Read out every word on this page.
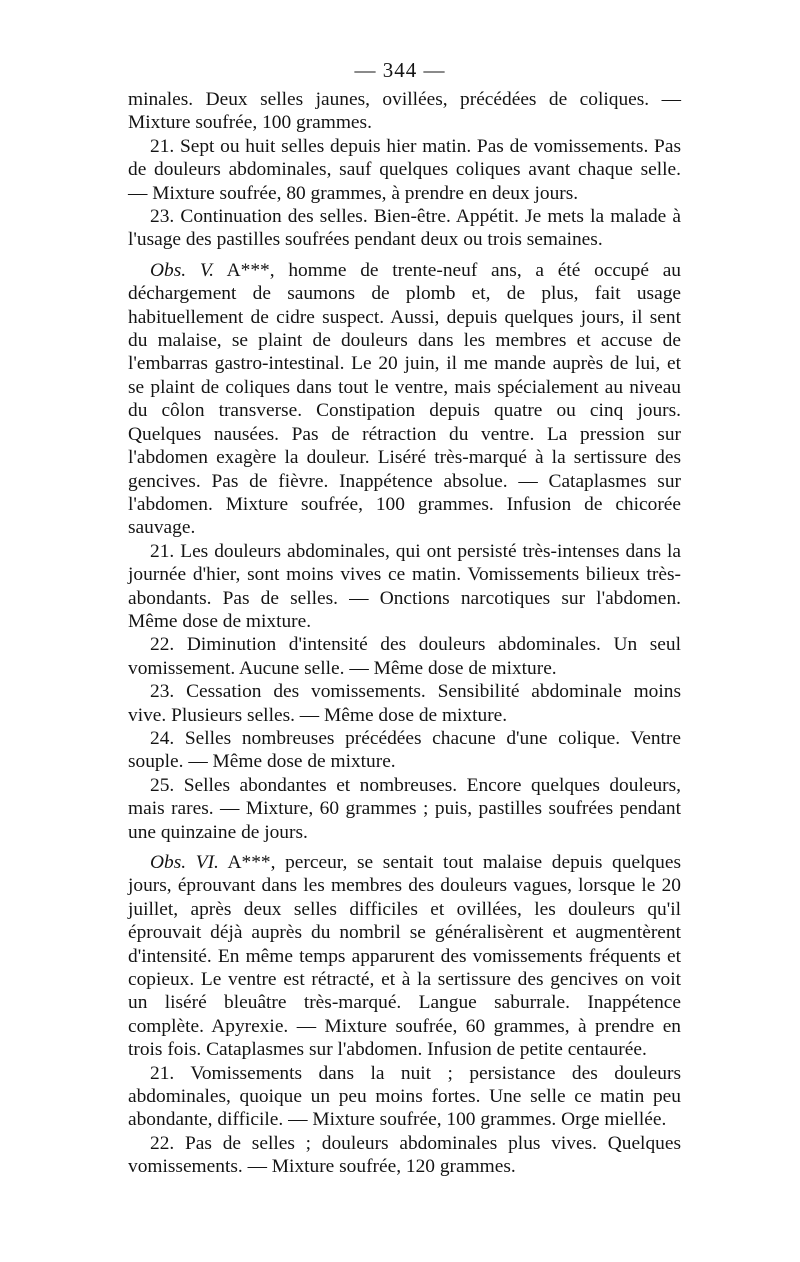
— 344 —

minales. Deux selles jaunes, ovillées, précédées de coliques. — Mixture soufrée, 100 grammes.

21. Sept ou huit selles depuis hier matin. Pas de vomissements. Pas de douleurs abdominales, sauf quelques coliques avant chaque selle. — Mixture soufrée, 80 grammes, à prendre en deux jours.

23. Continuation des selles. Bien-être. Appétit. Je mets la malade à l'usage des pastilles soufrées pendant deux ou trois semaines.

Obs. V. A***, homme de trente-neuf ans, a été occupé au déchargement de saumons de plomb et, de plus, fait usage habituellement de cidre suspect. Aussi, depuis quelques jours, il sent du malaise, se plaint de douleurs dans les membres et accuse de l'embarras gastro-intestinal. Le 20 juin, il me mande auprès de lui, et se plaint de coliques dans tout le ventre, mais spécialement au niveau du côlon transverse. Constipation depuis quatre ou cinq jours. Quelques nausées. Pas de rétraction du ventre. La pression sur l'abdomen exagère la douleur. Liséré très-marqué à la sertissure des gencives. Pas de fièvre. Inappétence absolue. — Cataplasmes sur l'abdomen. Mixture soufrée, 100 grammes. Infusion de chicorée sauvage.

21. Les douleurs abdominales, qui ont persisté très-intenses dans la journée d'hier, sont moins vives ce matin. Vomissements bilieux très-abondants. Pas de selles. — Onctions narcotiques sur l'abdomen. Même dose de mixture.

22. Diminution d'intensité des douleurs abdominales. Un seul vomissement. Aucune selle. — Même dose de mixture.

23. Cessation des vomissements. Sensibilité abdominale moins vive. Plusieurs selles. — Même dose de mixture.

24. Selles nombreuses précédées chacune d'une colique. Ventre souple. — Même dose de mixture.

25. Selles abondantes et nombreuses. Encore quelques douleurs, mais rares. — Mixture, 60 grammes ; puis, pastilles soufrées pendant une quinzaine de jours.

Obs. VI. A***, perceur, se sentait tout malaise depuis quelques jours, éprouvant dans les membres des douleurs vagues, lorsque le 20 juillet, après deux selles difficiles et ovillées, les douleurs qu'il éprouvait déjà auprès du nombril se généralisèrent et augmentèrent d'intensité. En même temps apparurent des vomissements fréquents et copieux. Le ventre est rétracté, et à la sertissure des gencives on voit un liséré bleuâtre très-marqué. Langue saburrale. Inappétence complète. Apyrexie. — Mixture soufrée, 60 grammes, à prendre en trois fois. Cataplasmes sur l'abdomen. Infusion de petite centaurée.

21. Vomissements dans la nuit ; persistance des douleurs abdominales, quoique un peu moins fortes. Une selle ce matin peu abondante, difficile. — Mixture soufrée, 100 grammes. Orge miellée.

22. Pas de selles ; douleurs abdominales plus vives. Quelques vomissements. — Mixture soufrée, 120 grammes.
